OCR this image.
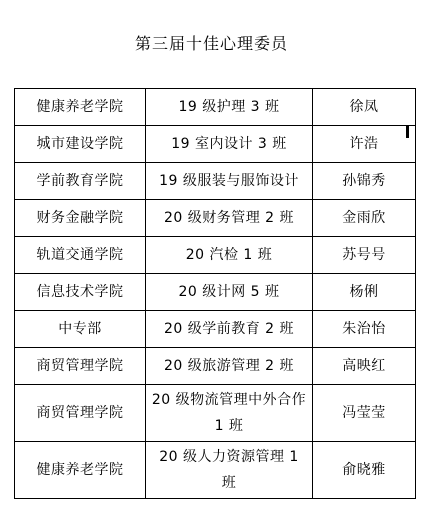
第三届十佳心理委员
健康养老学院	19 级护理 3 班	徐凤
城市建设学院	19 室内设计 3 班	许浩
学前教育学院	19 级服装与服饰设计	孙锦秀
财务金融学院	20 级财务管理 2 班	金雨欣
轨道交通学院	20 汽检 1 班	苏号号
信息技术学院	20 级计网 5 班	杨俐
中专部	20 级学前教育 2 班	朱治怡
商贸管理学院	20 级旅游管理 2 班	高映红
商贸管理学院	20 级物流管理中外合作 1 班	冯莹莹
健康养老学院	20 级人力资源管理 1 班	俞晓雅
